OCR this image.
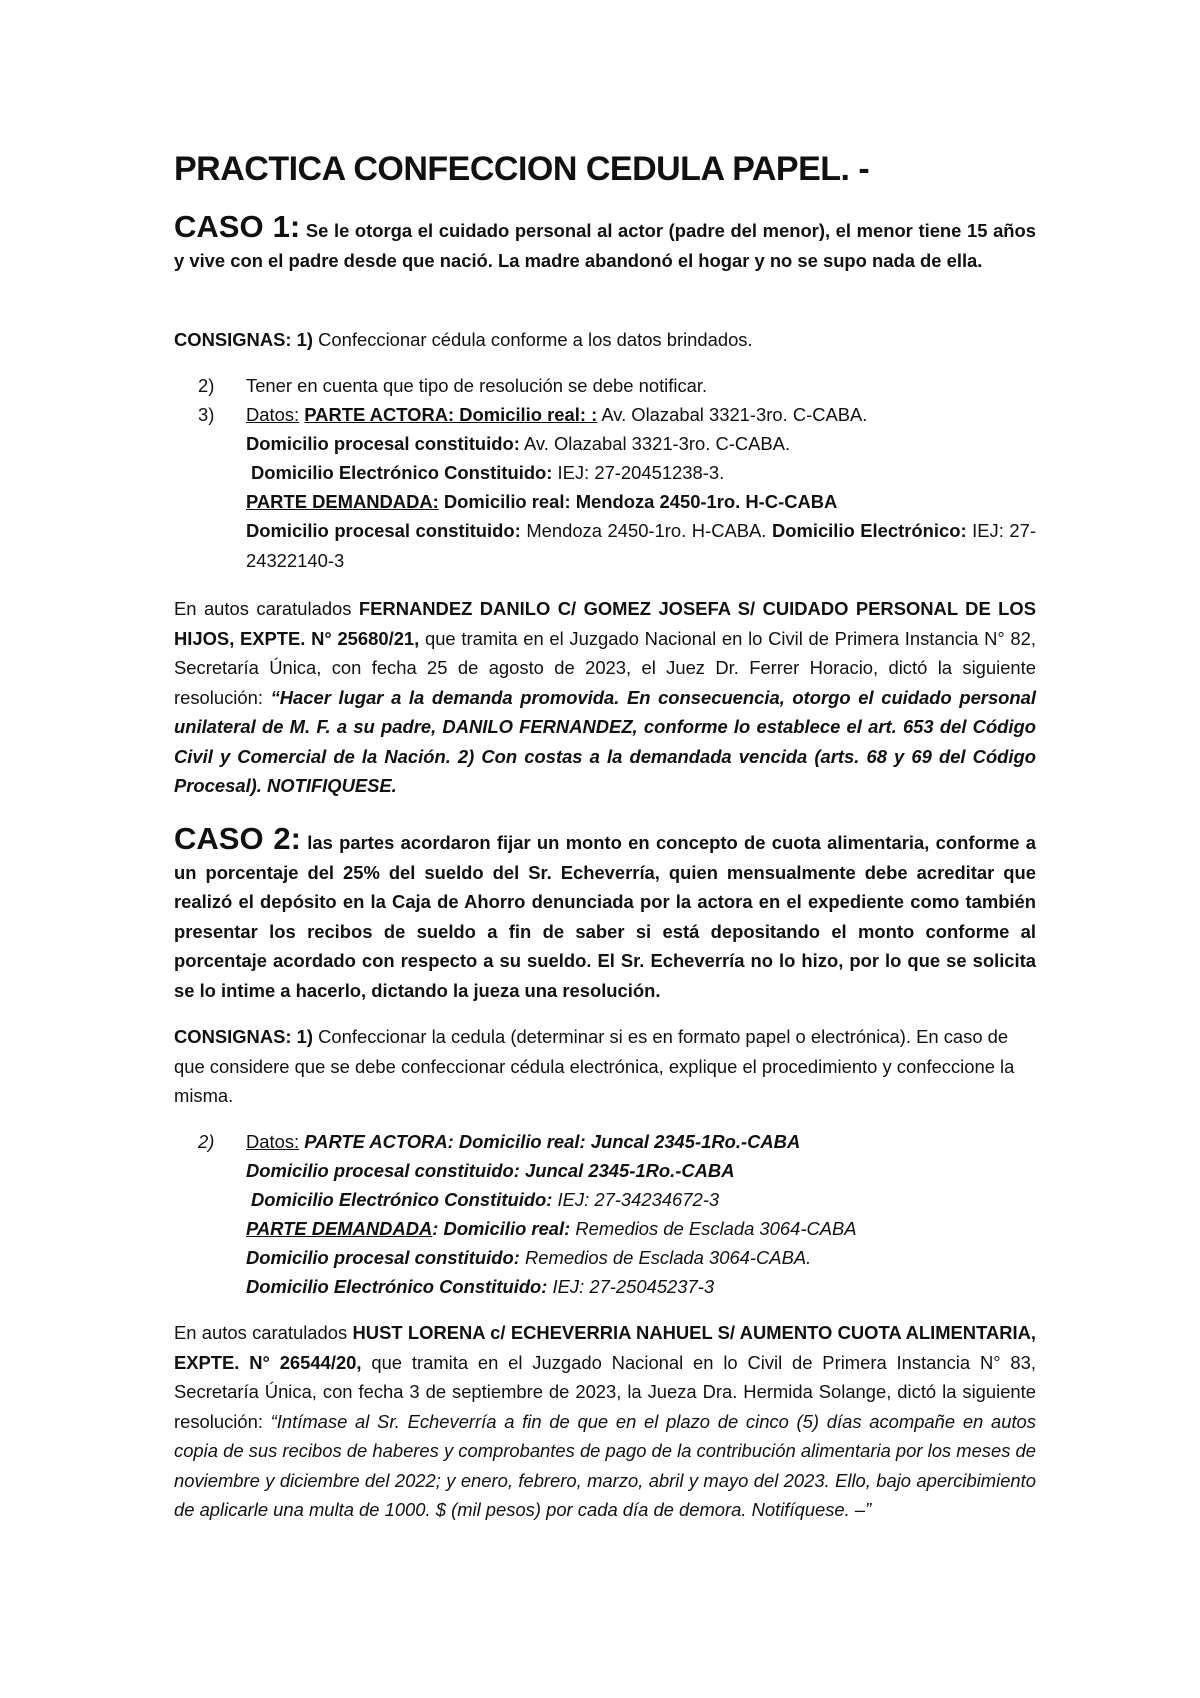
PRACTICA CONFECCION CEDULA PAPEL. -

CASO 1: Se le otorga el cuidado personal al actor (padre del menor), el menor tiene 15 años y vive con el padre desde que nació. La madre abandonó el hogar y no se supo nada de ella.

CONSIGNAS: 1) Confeccionar cédula conforme a los datos brindados.

2) Tener en cuenta que tipo de resolución se debe notificar.

3) Datos: PARTE ACTORA: Domicilio real: : Av. Olazabal 3321-3ro. C-CABA.

Domicilio procesal constituido: Av. Olazabal 3321-3ro. C-CABA.

Domicilio Electrónico Constituido: IEJ: 27-20451238-3.

PARTE DEMANDADA: Domicilio real: Mendoza 2450-1ro. H-C-CABA

Domicilio procesal constituido: Mendoza 2450-1ro. H-CABA. Domicilio Electrónico: IEJ: 27-24322140-3

En autos caratulados FERNANDEZ DANILO C/ GOMEZ JOSEFA S/ CUIDADO PERSONAL DE LOS HIJOS, EXPTE. N° 25680/21, que tramita en el Juzgado Nacional en lo Civil de Primera Instancia N° 82, Secretaría Única, con fecha 25 de agosto de 2023, el Juez Dr. Ferrer Horacio, dictó la siguiente resolución: “Hacer lugar a la demanda promovida. En consecuencia, otorgo el cuidado personal unilateral de M. F. a su padre, DANILO FERNANDEZ, conforme lo establece el art. 653 del Código Civil y Comercial de la Nación. 2) Con costas a la demandada vencida (arts. 68 y 69 del Código Procesal). NOTIFIQUESE.

CASO 2: las partes acordaron fijar un monto en concepto de cuota alimentaria, conforme a un porcentaje del 25% del sueldo del Sr. Echeverría, quien mensualmente debe acreditar que realizó el depósito en la Caja de Ahorro denunciada por la actora en el expediente como también presentar los recibos de sueldo a fin de saber si está depositando el monto conforme al porcentaje acordado con respecto a su sueldo. El Sr. Echeverría no lo hizo, por lo que se solicita se lo intime a hacerlo, dictando la jueza una resolución.

CONSIGNAS: 1) Confeccionar la cedula (determinar si es en formato papel o electrónica). En caso de que considere que se debe confeccionar cédula electrónica, explique el procedimiento y confeccione la misma.

2) Datos: PARTE ACTORA: Domicilio real: Juncal 2345-1Ro.-CABA

Domicilio procesal constituido: Juncal 2345-1Ro.-CABA

Domicilio Electrónico Constituido: IEJ: 27-34234672-3

PARTE DEMANDADA: Domicilio real: Remedios de Esclada 3064-CABA

Domicilio procesal constituido: Remedios de Esclada 3064-CABA.

Domicilio Electrónico Constituido: IEJ: 27-25045237-3

En autos caratulados HUST LORENA c/ ECHEVERRIA NAHUEL S/ AUMENTO CUOTA ALIMENTARIA, EXPTE. N° 26544/20, que tramita en el Juzgado Nacional en lo Civil de Primera Instancia N° 83, Secretaría Única, con fecha 3 de septiembre de 2023, la Jueza Dra. Hermida Solange, dictó la siguiente resolución: “Intímase al Sr. Echeverría a fin de que en el plazo de cinco (5) días acompañe en autos copia de sus recibos de haberes y comprobantes de pago de la contribución alimentaria por los meses de noviembre y diciembre del 2022; y enero, febrero, marzo, abril y mayo del 2023. Ello, bajo apercibimiento de aplicarle una multa de 1000. $ (mil pesos) por cada día de demora. Notifíquese. –”
